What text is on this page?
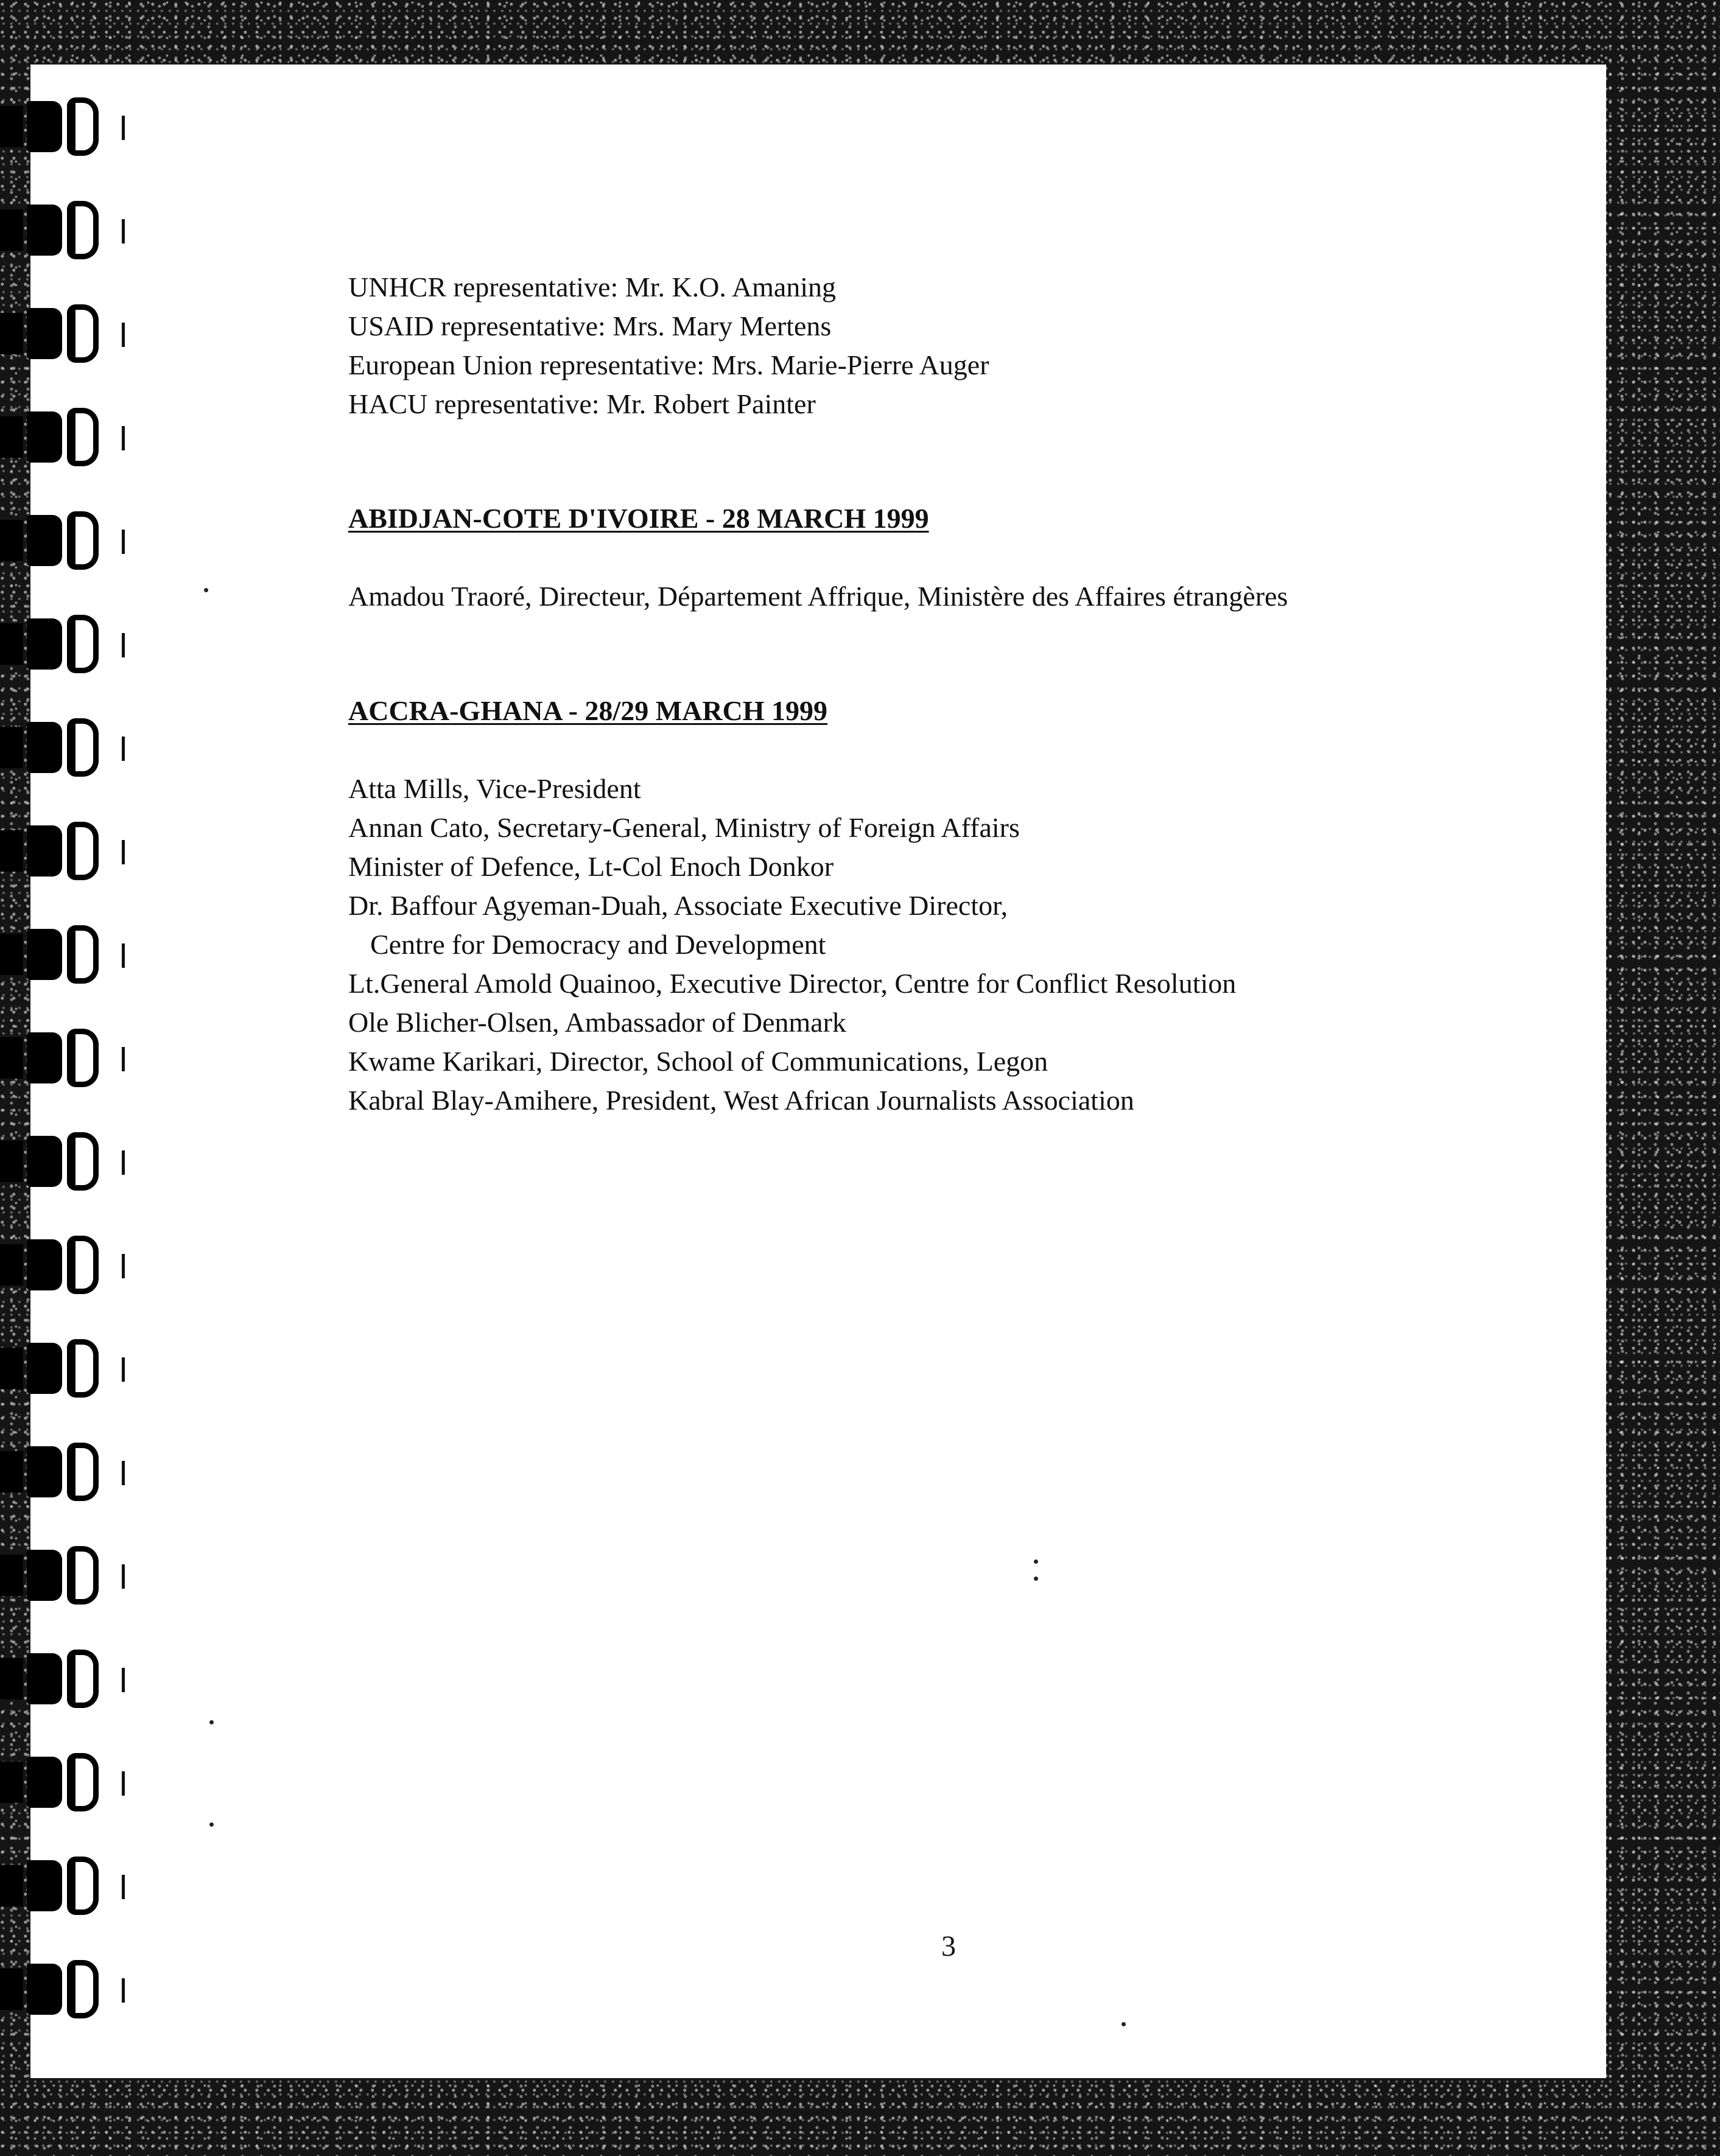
UNHCR representative: Mr. K.O. Amaning

USAID representative: Mrs. Mary Mertens

European Union representative: Mrs. Marie-Pierre Auger

HACU representative: Mr. Robert Painter

ABIDJAN-COTE D'IVOIRE - 28 MARCH 1999

Amadou Traoré, Directeur, Département Affrique, Ministère des Affaires étrangères

ACCRA-GHANA - 28/29 MARCH 1999

Atta Mills, Vice-President

Annan Cato, Secretary-General, Ministry of Foreign Affairs

Minister of Defence, Lt-Col Enoch Donkor

Dr. Baffour Agyeman-Duah, Associate Executive Director,

Centre for Democracy and Development

Lt.General Amold Quainoo, Executive Director, Centre for Conflict Resolution

Ole Blicher-Olsen, Ambassador of Denmark

Kwame Karikari, Director, School of Communications, Legon

Kabral Blay-Amihere, President, West African Journalists Association

3
